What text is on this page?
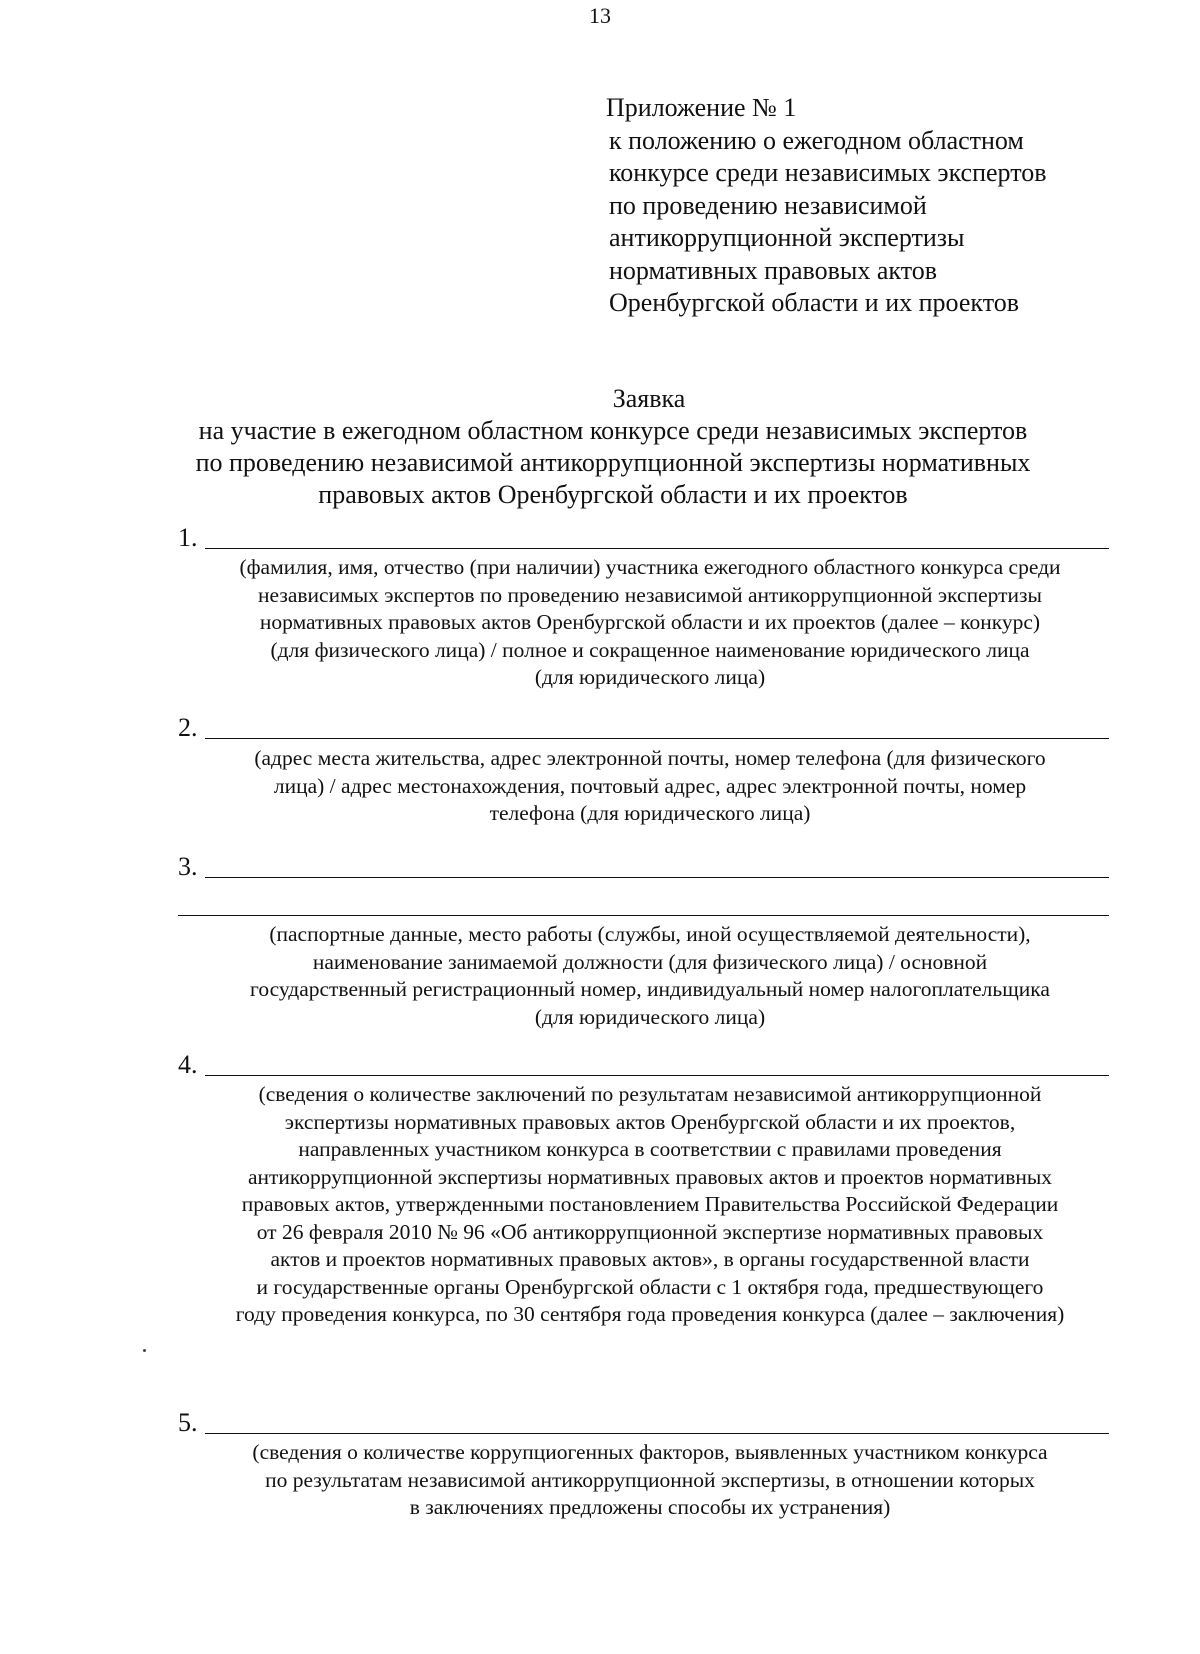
13
Приложение № 1
к положению о ежегодном областном
конкурсе среди независимых экспертов
по проведению независимой
антикоррупционной экспертизы
нормативных правовых актов
Оренбургской области и их проектов
Заявка
на участие в ежегодном областном конкурсе среди независимых экспертов
по проведению независимой антикоррупционной экспертизы нормативных
правовых актов Оренбургской области и их проектов
1.
(фамилия, имя, отчество (при наличии) участника ежегодного областного конкурса среди
независимых экспертов по проведению независимой антикоррупционной экспертизы
нормативных правовых актов Оренбургской области и их проектов (далее – конкурс)
(для физического лица) / полное и сокращенное наименование юридического лица
(для юридического лица)
2.
(адрес места жительства, адрес электронной почты, номер телефона (для физического
лица) / адрес местонахождения, почтовый адрес, адрес электронной почты, номер
телефона (для юридического лица)
3.
(паспортные данные, место работы (службы, иной осуществляемой деятельности),
наименование занимаемой должности (для физического лица) / основной
государственный регистрационный номер, индивидуальный номер налогоплательщика
(для юридического лица)
4.
(сведения о количестве заключений по результатам независимой антикоррупционной
экспертизы нормативных правовых актов Оренбургской области и их проектов,
направленных участником конкурса в соответствии с правилами проведения
антикоррупционной экспертизы нормативных правовых актов и проектов нормативных
правовых актов, утвержденными постановлением Правительства Российской Федерации
от 26 февраля 2010 № 96 «Об антикоррупционной экспертизе нормативных правовых
актов и проектов нормативных правовых актов», в органы государственной власти
и государственные органы Оренбургской области с 1 октября года, предшествующего
году проведения конкурса, по 30 сентября года проведения конкурса (далее – заключения)
5.
(сведения о количестве коррупциогенных факторов, выявленных участником конкурса
по результатам независимой антикоррупционной экспертизы, в отношении которых
в заключениях предложены способы их устранения)
